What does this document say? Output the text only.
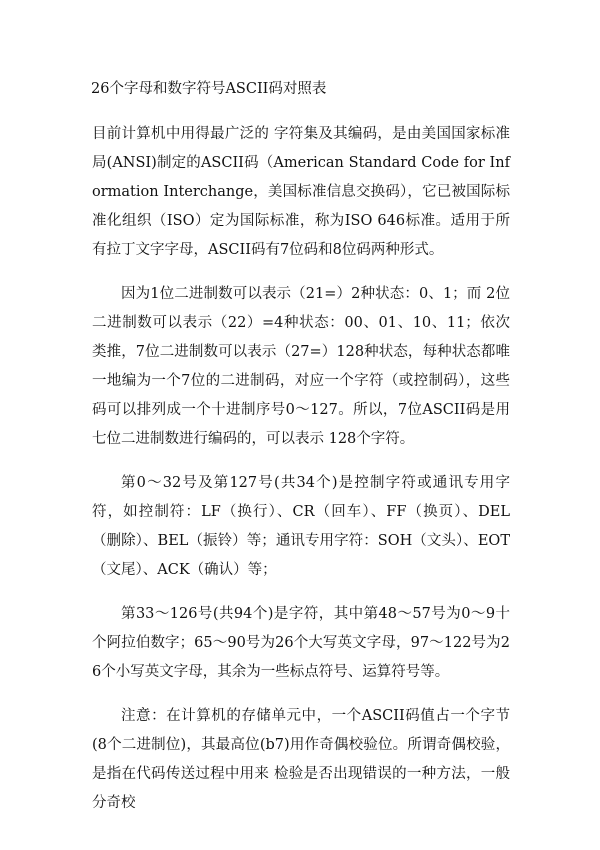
26个字母和数字符号ASCII码对照表

目前计算机中用得最广泛的 字符集及其编码，是由美国国家标准局(ANSI)制定的ASCII码（American Standard Code for Information Interchange，美国标准信息交换码），它已被国际标准化组织（ISO）定为国际标准，称为ISO 646标准。适用于所有拉丁文字字母，ASCII码有7位码和8位码两种形式。

因为1位二进制数可以表示（21=）2种状态：0、1；而 2位二进制数可以表示（22）=4种状态：00、01、10、11；依次类推，7位二进制数可以表示（27=）128种状态，每种状态都唯一地编为一个7位的二进制码，对应一个字符（或控制码），这些码可以排列成一个十进制序号0～127。所以，7位ASCII码是用七位二进制数进行编码的，可以表示 128个字符。

第0～32号及第127号(共34个)是控制字符或通讯专用字符，如控制符：LF（换行）、CR（回车）、FF（换页）、DEL（删除）、BEL（振铃）等；通讯专用字符：SOH（文头）、EOT（文尾）、ACK（确认）等；

第33～126号(共94个)是字符，其中第48～57号为0～9十个阿拉伯数字；65～90号为26个大写英文字母，97～122号为26个小写英文字母，其余为一些标点符号、运算符号等。

注意：在计算机的存储单元中，一个ASCII码值占一个字节(8个二进制位)，其最高位(b7)用作奇偶校验位。所谓奇偶校验，是指在代码传送过程中用来 检验是否出现错误的一种方法，一般分奇校
